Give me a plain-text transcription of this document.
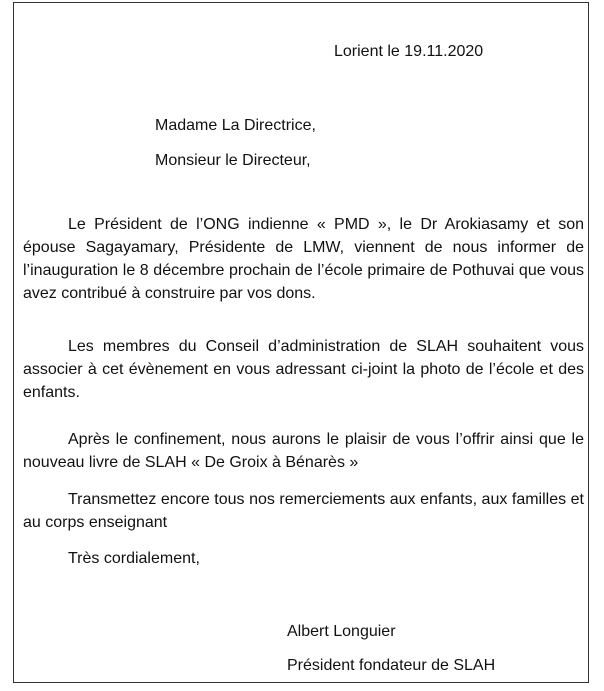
Lorient le 19.11.2020

Madame La Directrice,

Monsieur le Directeur,

Le Président de l’ONG indienne « PMD », le Dr Arokiasamy et son épouse Sagayamary, Présidente de LMW, viennent de nous informer de l’inauguration le 8 décembre prochain de l’école primaire de Pothuvai que vous avez contribué à construire par vos dons.

Les membres du Conseil d’administration de SLAH souhaitent vous associer à cet évènement en vous adressant ci-joint la photo de l’école et des enfants.

Après le confinement, nous aurons le plaisir de vous l’offrir ainsi que le nouveau livre de SLAH « De Groix à Bénarès »

Transmettez encore tous nos remerciements aux enfants, aux familles et au corps enseignant

Très cordialement,

Albert Longuier

Président fondateur de SLAH
